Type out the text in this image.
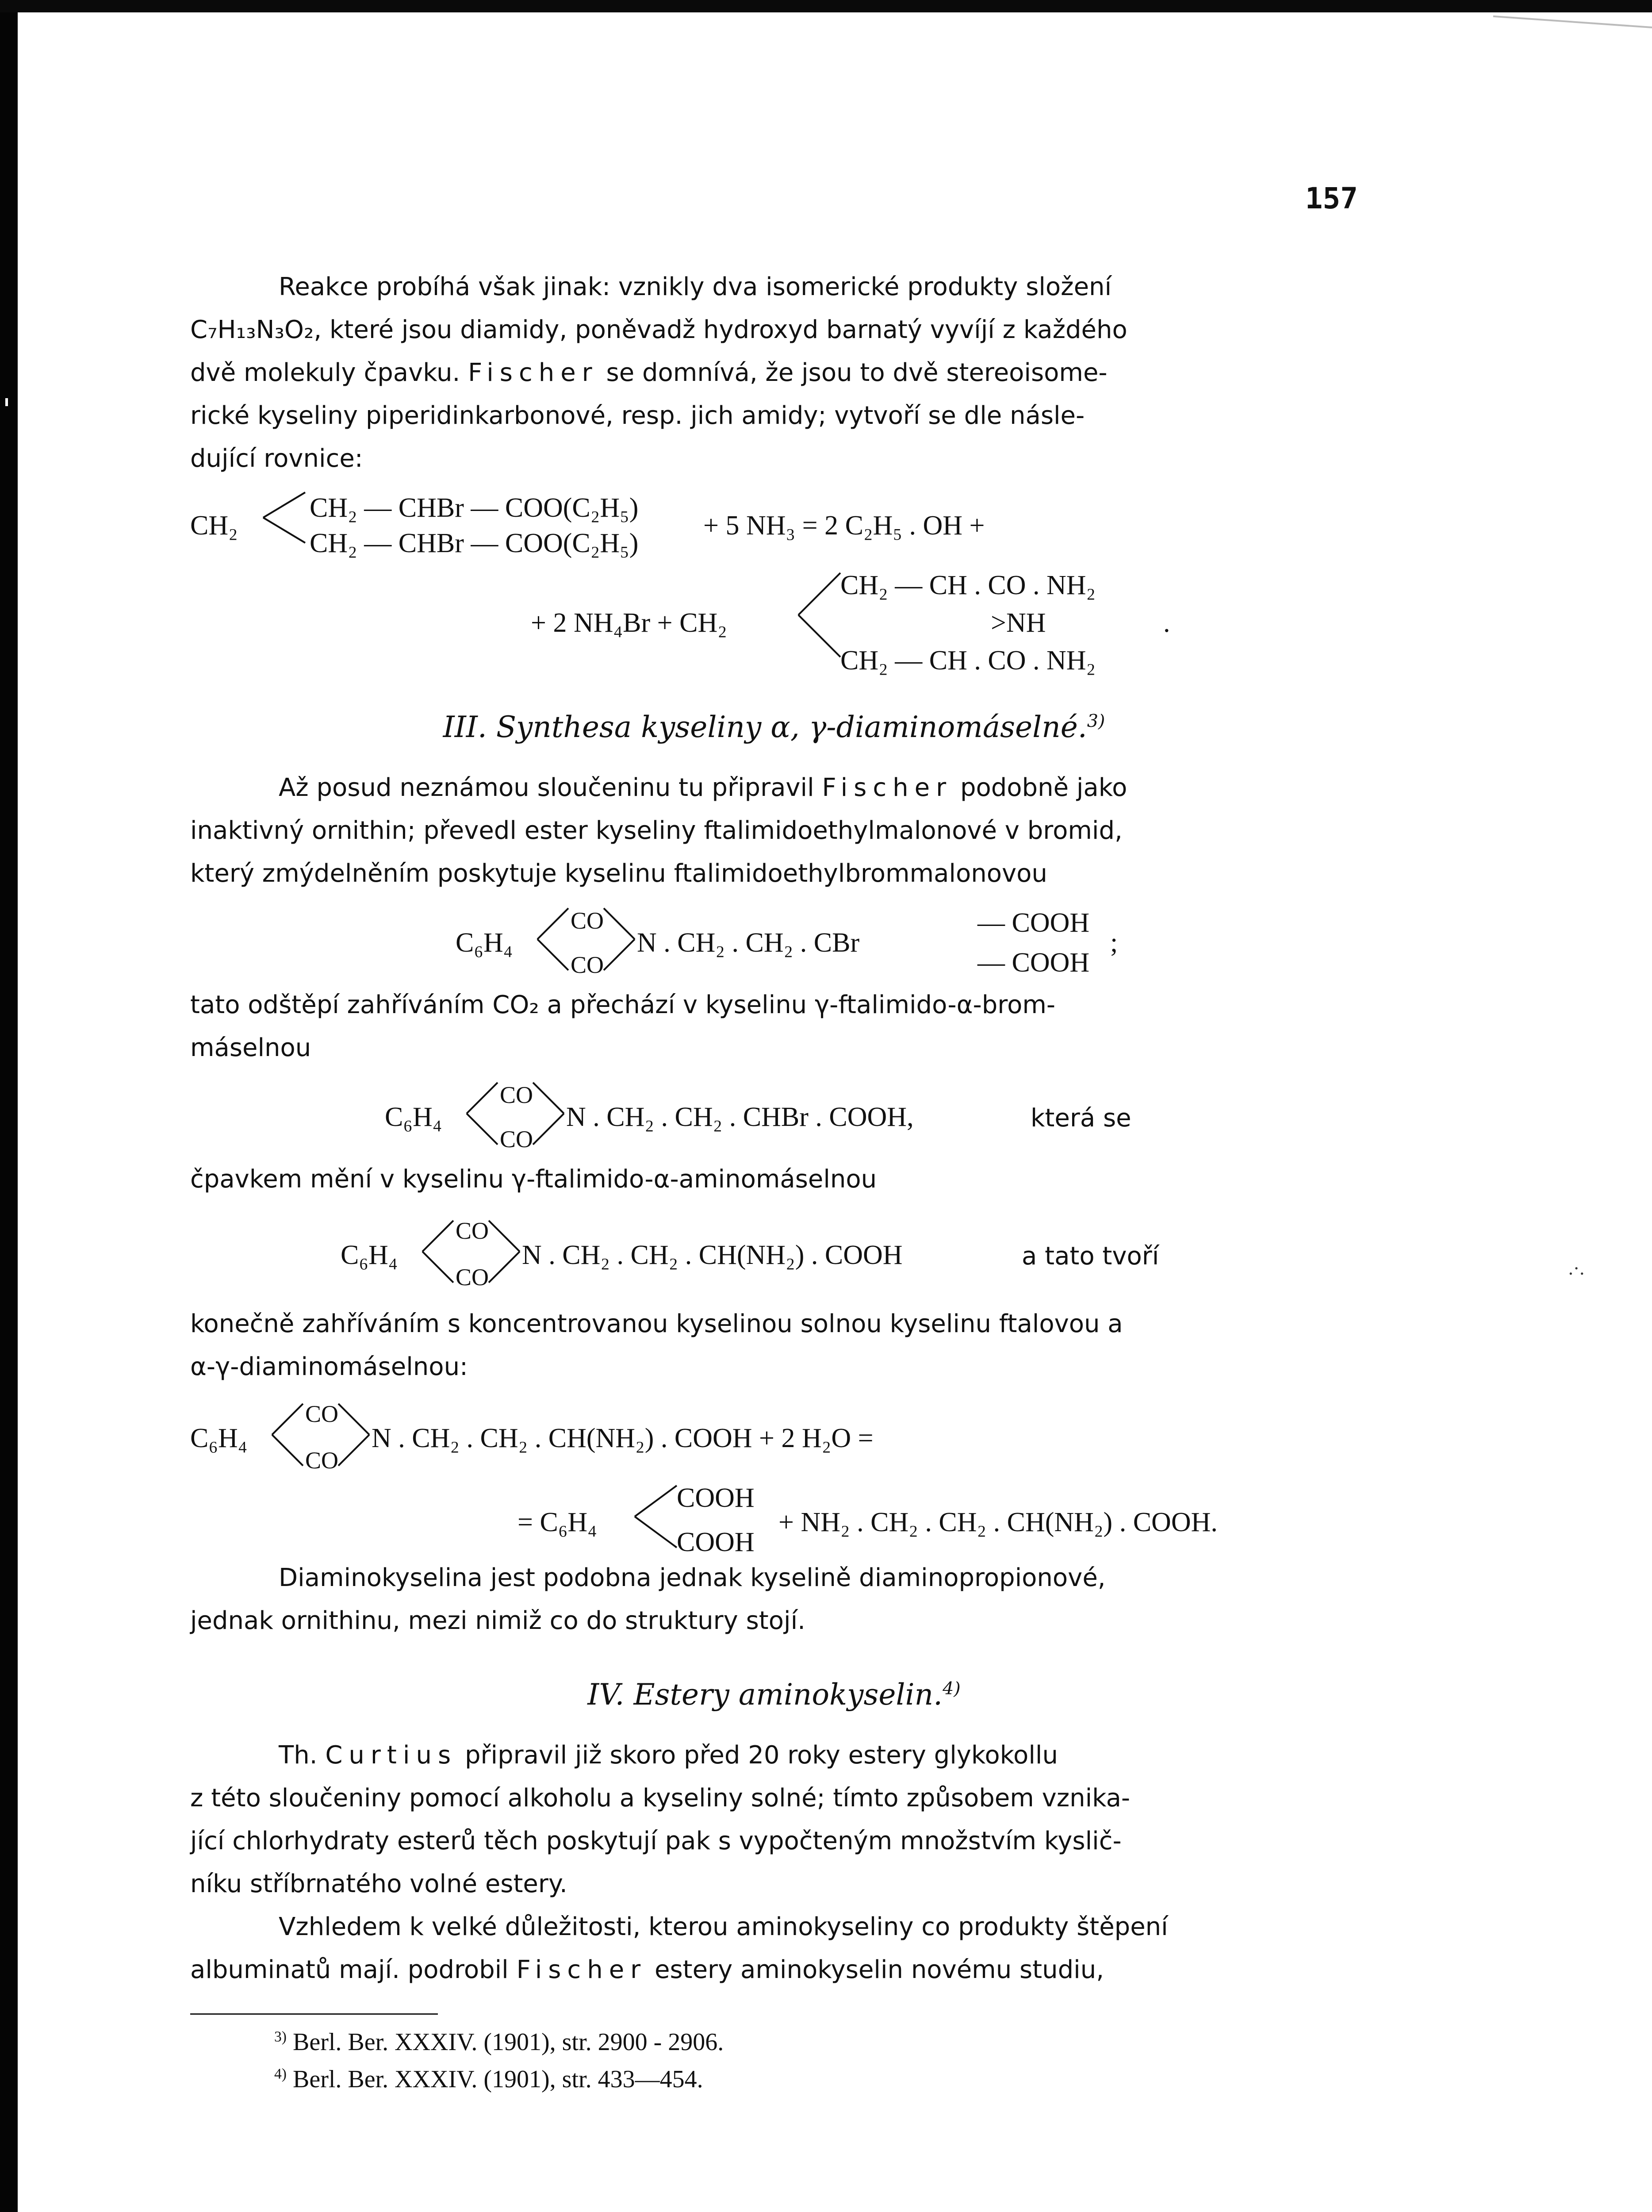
.·.
157

Reakce probíhá však jinak: vznikly dva isomerické produkty složení

C₇H₁₃N₃O₂, které jsou diamidy, poněvadž hydroxyd barnatý vyvíjí z každého

dvě molekuly čpavku. Fischer se domnívá, že jsou to dvě stereoisome-

rické kyseliny piperidinkarbonové, resp. jich amidy; vytvoří se dle násle-

dující rovnice:

CH₂ — CHBr — COO(C₂H₅)
CH₂	+ 5 NH₃ = 2 C₂H₅ . OH +
CH₂ — CHBr — COO(C₂H₅)
CH₂ — CH . CO . NH₂
+ 2 NH₄Br + CH₂	>NH	.
CH₂ — CH . CO . NH₂
III. Synthesa kyseliny α, γ-diaminomáselné.$^{3)}$

Až posud neznámou sloučeninu tu připravil Fischer podobně jako

inaktivný ornithin; převedl ester kyseliny ftalimidoethylmalonové v bromid,

který zmýdelněním poskytuje kyselinu ftalimidoethylbrommalonovou

C₆H₄
CO
CO
N . CH₂ . CH₂ . CBr
— COOH
— COOH
;

tato odštěpí zahříváním CO₂ a přechází v kyselinu γ-ftalimido-α-brom-

máselnou

C₆H₄
CO
CO
N . CH₂ . CH₂ . CHBr . COOH,	která se

čpavkem mění v kyselinu γ-ftalimido-α-aminomáselnou

C₆H₄
CO
CO
N . CH₂ . CH₂ . CH(NH₂) . COOH	a tato tvoří

konečně zahříváním s koncentrovanou kyselinou solnou kyselinu ftalovou a

α-γ-diaminomáselnou:

C₆H₄
CO
CO
N . CH₂ . CH₂ . CH(NH₂) . COOH + 2 H₂O =
= C₆H₄
COOH
COOH
+ NH₂ . CH₂ . CH₂ . CH(NH₂) . COOH.

Diaminokyselina jest podobna jednak kyselině diaminopropionové,

jednak ornithinu, mezi nimiž co do struktury stojí.

IV. Estery aminokyselin.$^{4)}$

Th. Curtius připravil již skoro před 20 roky estery glykokollu

z této sloučeniny pomocí alkoholu a kyseliny solné; tímto způsobem vznika-

jící chlorhydraty esterů těch poskytují pak s vypočteným množstvím kyslič-

níku stříbrnatého volné estery.

Vzhledem k velké důležitosti, kterou aminokyseliny co produkty štěpení

albuminatů mají. podrobil Fischer estery aminokyselin novému studiu,

$^{3)}$ Berl. Ber. XXXIV. (1901), str. 2900 - 2906.
$^{4)}$ Berl. Ber. XXXIV. (1901), str. 433—454.
